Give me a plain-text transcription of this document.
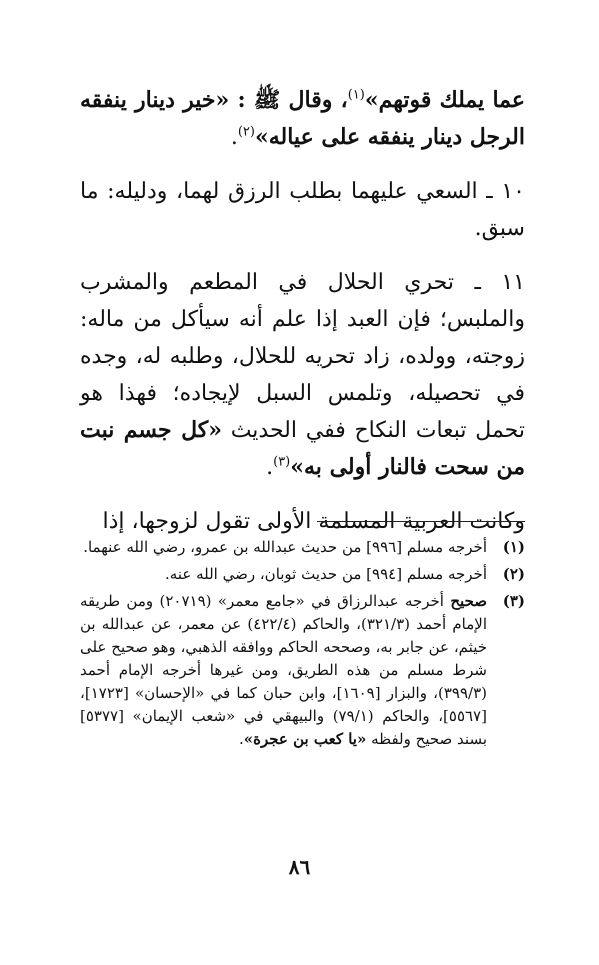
عما يملك قوتهم»$^{(١)}$، وقال ﷺ : «خير دينار ينفقه الرجل دينار ينفقه على عياله»$^{(٢)}$.

١٠ ـ السعي عليهما بطلب الرزق لهما، ودليله: ما سبق.

١١ ـ تحري الحلال في المطعم والمشرب والملبس؛ فإن العبد إذا علم أنه سيأكل من ماله: زوجته، وولده، زاد تحريه للحلال، وطلبه له، وجده في تحصيله، وتلمس السبل لإيجاده؛ فهذا هو تحمل تبعات النكاح ففي الحديث «كل جسم نبت من سحت فالنار أولى به»$^{(٣)}$.

وكانت العربية المسلمة الأولى تقول لزوجها، إذا

(١)
أخرجه مسلم [٩٩٦] من حديث عبدالله بن عمرو، رضي الله عنهما.

(٢)
أخرجه مسلم [٩٩٤] من حديث ثوبان، رضي الله عنه.

(٣)
صحيح أخرجه عبدالرزاق في «جامع معمر» (٢٠٧١٩) ومن طريقه الإمام أحمد (٣٢١/٣)، والحاكم (٤٢٢/٤) عن معمر، عن عبدالله بن خيثم، عن جابر به، وصححه الحاكم ووافقه الذهبي، وهو صحيح على شرط مسلم من هذه الطريق، ومن غيرها أخرجه الإمام أحمد (٣٩٩/٣)، والبزار [١٦٠٩]، وابن حبان كما في «الإحسان» [١٧٢٣]، [٥٥٦٧]، والحاكم (٧٩/١) والبيهقي في «شعب الإيمان» [٥٣٧٧] بسند صحيح ولفظه «يا كعب بن عجرة».

٨٦
